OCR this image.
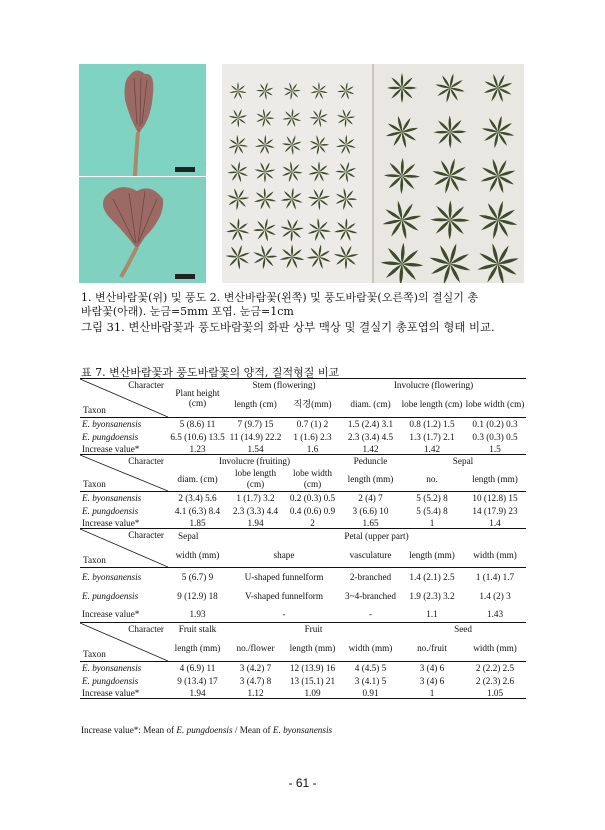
1. 변산바람꽃(위) 및 풍도 2. 변산바람꽃(왼쪽) 및 풍도바람꽃(오른쪽)의 결실기 총
바람꽃(아래). 눈금=5mm 포엽. 눈금=1cm
그림 31. 변산바람꽃과 풍도바람꽃의 화판 상부 맥상 및 결실기 총포엽의 형태 비교.
표 7. 변산바람꽃과 풍도바람꽃의 양적, 질적형질 비교
Character
Taxon	Plant height (cm)	Stem (flowering)		Involucre (flowering)		
		length (cm)	직경(mm)	diam. (cm)	lobe length (cm)	lobe width (cm)
E. byonsanensis	5 (8.6) 11	7 (9.7) 15	0.7 (1) 2	1.5 (2.4) 3.1	0.8 (1.2) 1.5	0.1 (0.2) 0.3
E. pungdoensis	6.5 (10.6) 13.5	11 (14.9) 22.2	1 (1.6) 2.3	2.3 (3.4) 4.5	1.3 (1.7) 2.1	0.3 (0.3) 0.5
Increase value*	1.23	1.54	1.6	1.42	1.42	1.5

Character
Taxon	Involucre (fruiting)			Peduncle	Sepal	
	diam. (cm)	lobe length (cm)	lobe width (cm)	length (mm)	no.	length (mm)
E. byonsanensis	2 (3.4) 5.6	1 (1.7) 3.2	0.2 (0.3) 0.5	2 (4) 7	5 (5.2) 8	10 (12.8) 15
E. pungdoensis	4.1 (6.3) 8.4	2.3 (3.3) 4.4	0.4 (0.6) 0.9	3 (6.6) 10	5 (5.4) 8	14 (17.9) 23
Increase value*	1.85	1.94	2	1.65	1	1.4

Character
Taxon	Sepal	Petal (upper part)				
	width (mm)	shape		vasculature	length (mm)	width (mm)
E. byonsanensis	5 (6.7) 9	U-shaped funnelform		2-branched	1.4 (2.1) 2.5	1 (1.4) 1.7
E. pungdoensis	9 (12.9) 18	V-shaped funnelform		3~4-branched	1.9 (2.3) 3.2	1.4 (2) 3
Increase value*	1.93	-		-	1.1	1.43

Character
Taxon	Fruit stalk	Fruit			Seed	
	length (mm)	no./flower	length (mm)	width (mm)	no./fruit	width (mm)
E. byonsanensis	4 (6.9) 11	3 (4.2) 7	12 (13.9) 16	4 (4.5) 5	3 (4) 6	2 (2.2) 2.5
E. pungdoensis	9 (13.4) 17	3 (4.7) 8	13 (15.1) 21	3 (4.1) 5	3 (4) 6	2 (2.3) 2.6
Increase value*	1.94	1.12	1.09	0.91	1	1.05
Increase value*: Mean of E. pungdoensis / Mean of E. byonsanensis
- 61 -
